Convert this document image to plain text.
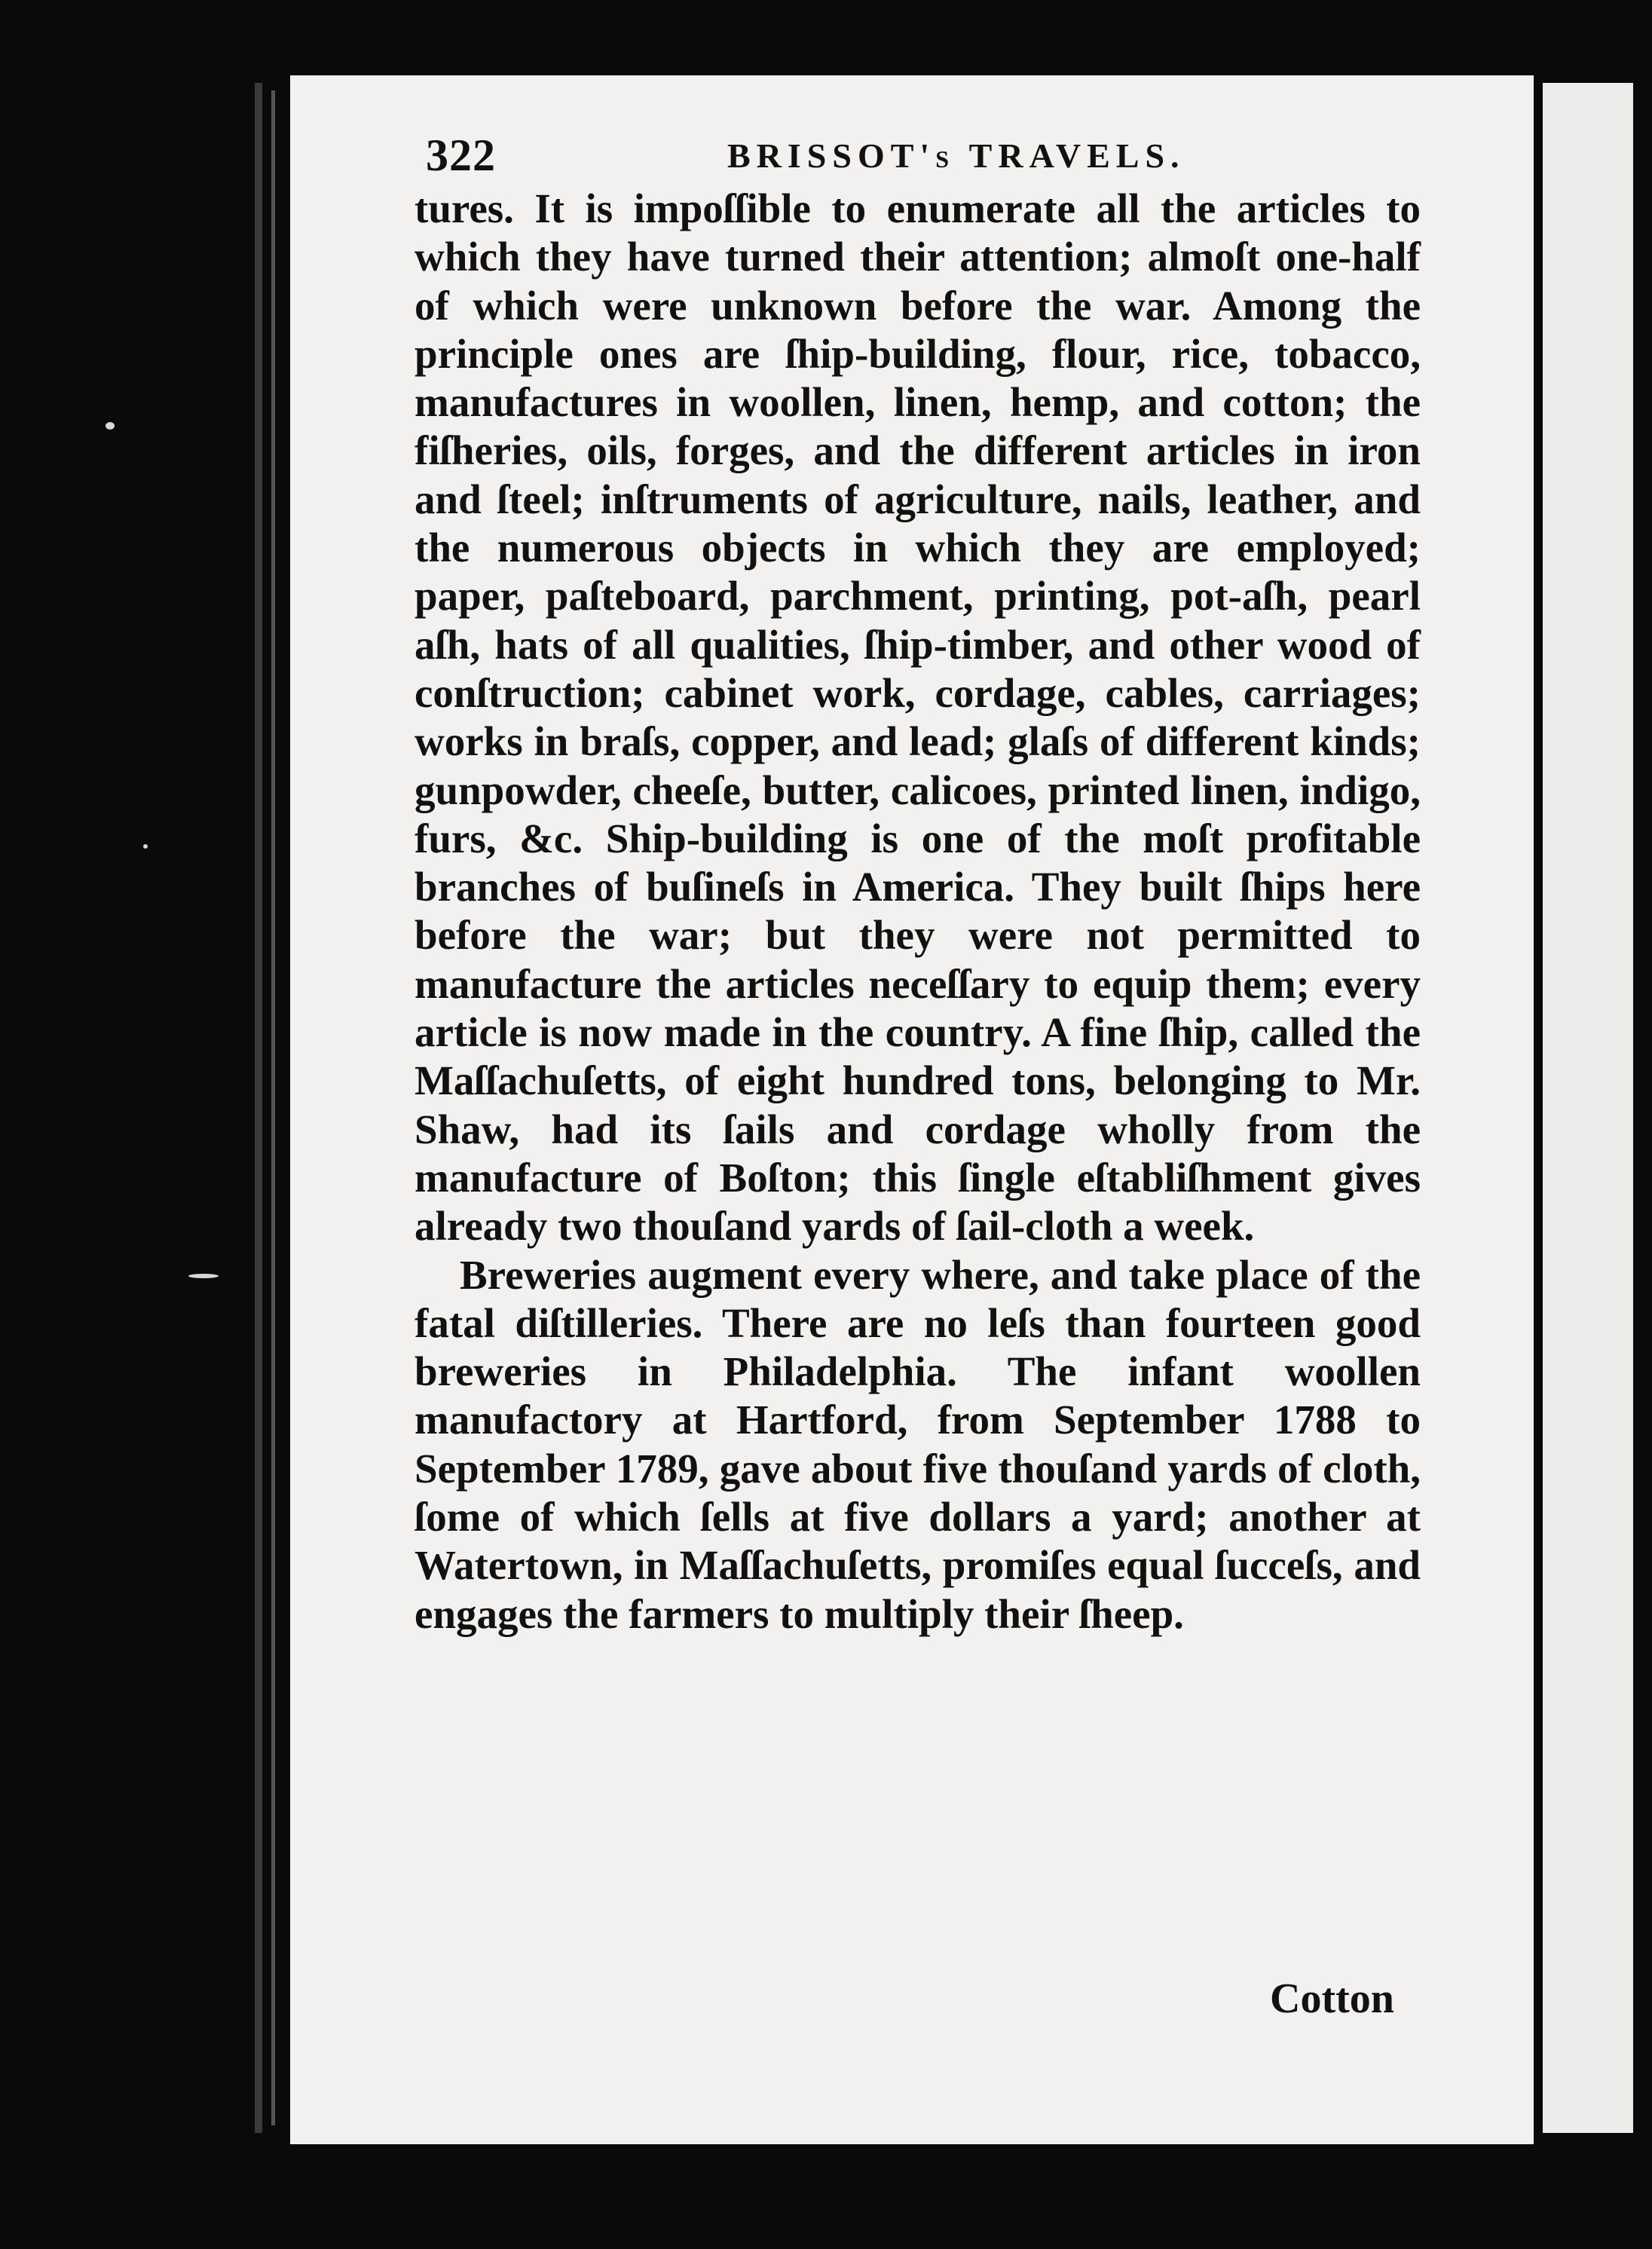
322	BRISSOT's TRAVELS.

tures. It is impoſſible to enumerate all the articles to which they have turned their attention; almoſt one-half of which were unknown before the war. Among the principle ones are ſhip-building, flour, rice, tobacco, manufactures in woollen, linen, hemp, and cotton; the fiſheries, oils, forges, and the different articles in iron and ſteel; inſtruments of agriculture, nails, leather, and the numerous objects in which they are employed; paper, paſteboard, parchment, printing, pot-aſh, pearl aſh, hats of all qualities, ſhip-timber, and other wood of conſtruction; cabinet work, cordage, cables, carriages; works in braſs, copper, and lead; glaſs of different kinds; gunpowder, cheeſe, butter, calicoes, printed linen, indigo, furs, &c. Ship-building is one of the moſt profitable branches of buſineſs in America. They built ſhips here before the war; but they were not permitted to manufacture the articles neceſſary to equip them; every article is now made in the country. A fine ſhip, called the Maſſachuſetts, of eight hundred tons, belonging to Mr. Shaw, had its ſails and cordage wholly from the manufacture of Boſton; this ſingle eſtabliſhment gives already two thouſand yards of ſail-cloth a week.

Breweries augment every where, and take place of the fatal diſtilleries. There are no leſs than fourteen good breweries in Philadelphia. The infant woollen manufactory at Hartford, from September 1788 to September 1789, gave about five thouſand yards of cloth, ſome of which ſells at five dollars a yard; another at Watertown, in Maſſachuſetts, promiſes equal ſucceſs, and engages the farmers to multiply their ſheep.

Cotton
